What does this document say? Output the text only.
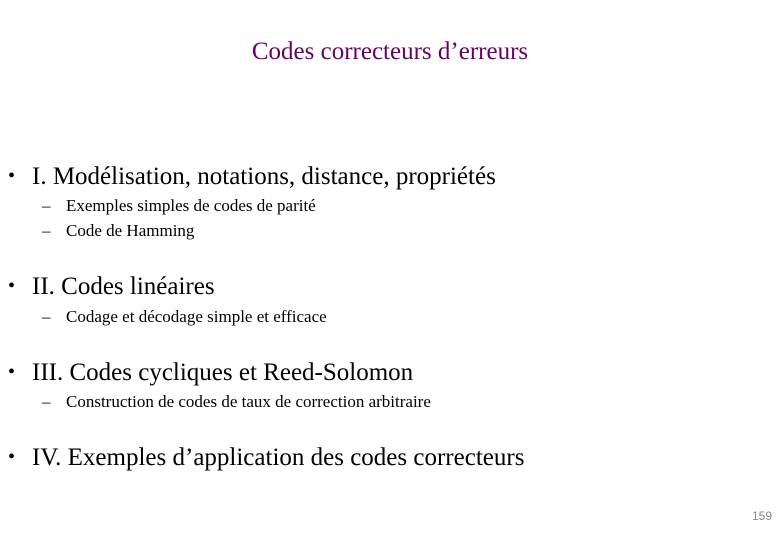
Codes correcteurs d’erreurs
• I. Modélisation, notations, distance, propriétés
– Exemples simples de codes de parité
– Code de Hamming
• II. Codes linéaires
– Codage et décodage simple et efficace
• III. Codes cycliques et Reed-Solomon
– Construction de codes de taux de correction arbitraire
• IV. Exemples d’application des codes correcteurs
159
